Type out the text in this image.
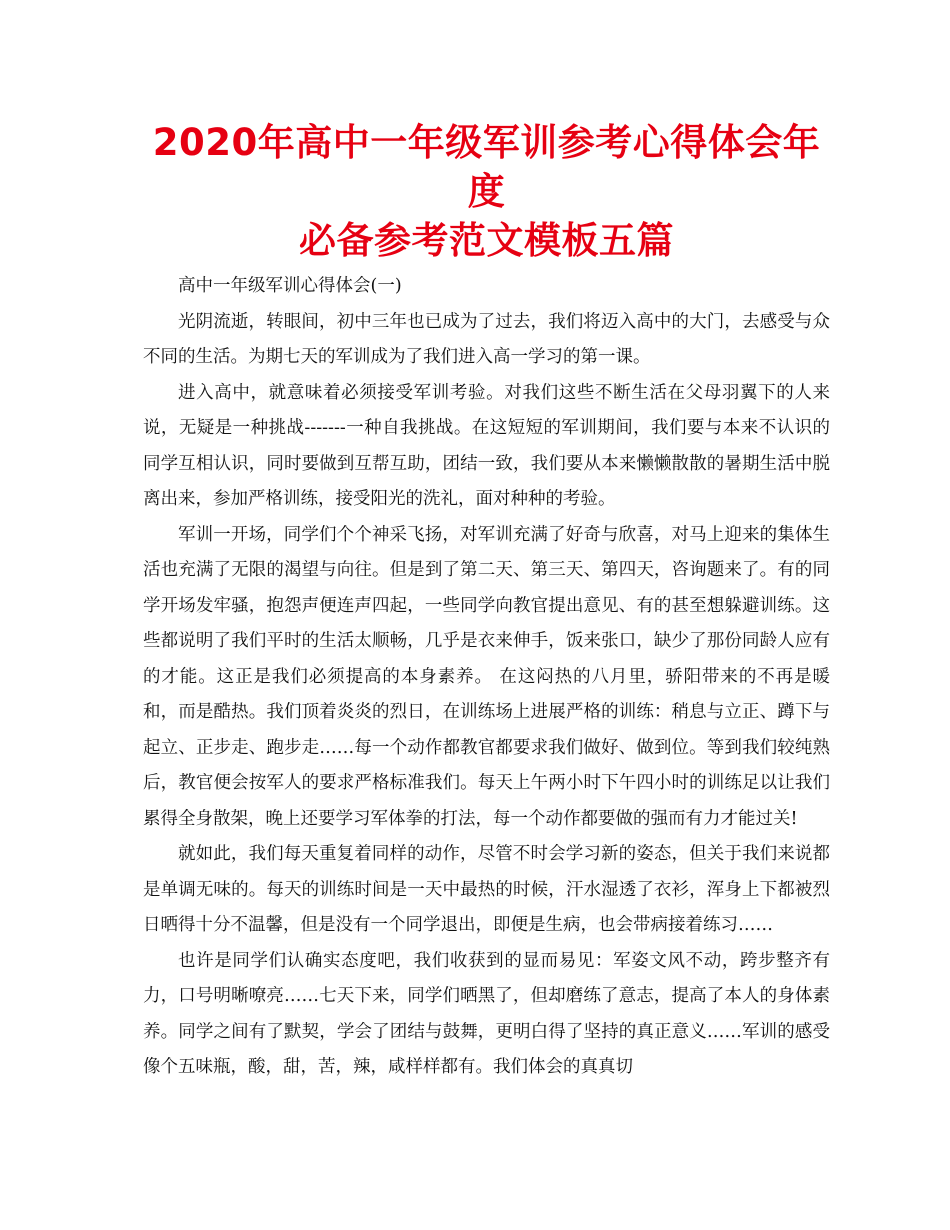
2020年高中一年级军训参考心得体会年度
必备参考范文模板五篇

高中一年级军训心得体会(一)

光阴流逝，转眼间，初中三年也已成为了过去，我们将迈入高中的大门，去感受与众不同的生活。为期七天的军训成为了我们进入高一学习的第一课。

进入高中，就意味着必须接受军训考验。对我们这些不断生活在父母羽翼下的人来说，无疑是一种挑战-------一种自我挑战。在这短短的军训期间，我们要与本来不认识的同学互相认识，同时要做到互帮互助，团结一致，我们要从本来懒懒散散的暑期生活中脱离出来，参加严格训练，接受阳光的洗礼，面对种种的考验。

军训一开场，同学们个个神采飞扬，对军训充满了好奇与欣喜，对马上迎来的集体生活也充满了无限的渴望与向往。但是到了第二天、第三天、第四天，咨询题来了。有的同学开场发牢骚，抱怨声便连声四起，一些同学向教官提出意见、有的甚至想躲避训练。这些都说明了我们平时的生活太顺畅，几乎是衣来伸手，饭来张口，缺少了那份同龄人应有的才能。这正是我们必须提高的本身素养。 在这闷热的八月里，骄阳带来的不再是暖和，而是酷热。我们顶着炎炎的烈日，在训练场上进展严格的训练：稍息与立正、蹲下与起立、正步走、跑步走……每一个动作都教官都要求我们做好、做到位。等到我们较纯熟后，教官便会按军人的要求严格标准我们。每天上午两小时下午四小时的训练足以让我们累得全身散架，晚上还要学习军体拳的打法，每一个动作都要做的强而有力才能过关!

就如此，我们每天重复着同样的动作，尽管不时会学习新的姿态，但关于我们来说都是单调无味的。每天的训练时间是一天中最热的时候，汗水湿透了衣衫，浑身上下都被烈日晒得十分不温馨，但是没有一个同学退出，即便是生病，也会带病接着练习……

也许是同学们认确实态度吧，我们收获到的显而易见：军姿文风不动，跨步整齐有力，口号明晰嘹亮……七天下来，同学们晒黑了，但却磨练了意志，提高了本人的身体素养。同学之间有了默契，学会了团结与鼓舞，更明白得了坚持的真正意义……军训的感受像个五味瓶，酸，甜，苦，辣，咸样样都有。我们体会的真真切
